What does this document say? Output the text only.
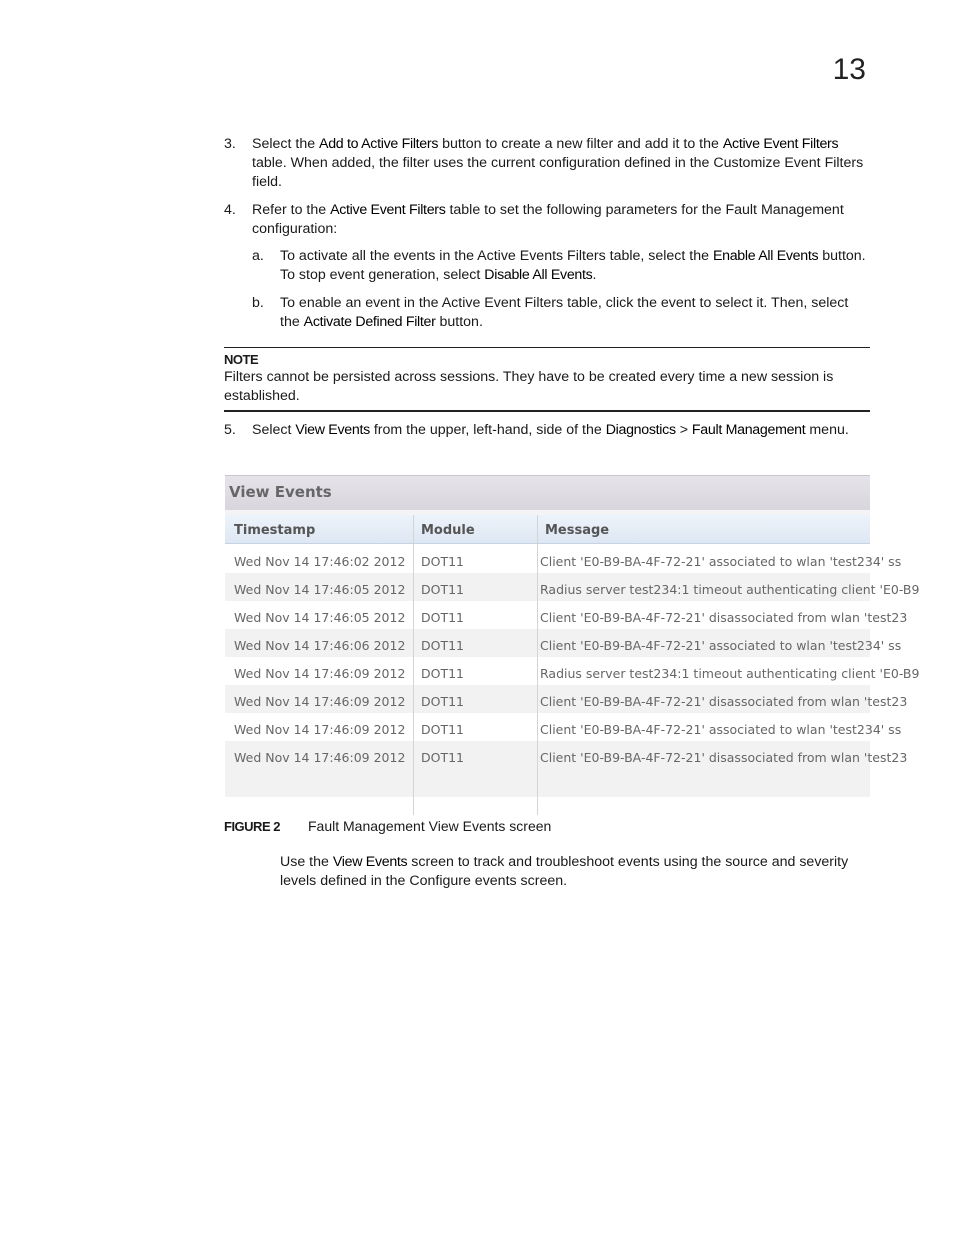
13
3. Select the Add to Active Filters button to create a new filter and add it to the Active Event Filters table. When added, the filter uses the current configuration defined in the Customize Event Filters field.
4. Refer to the Active Event Filters table to set the following parameters for the Fault Management configuration:
a. To activate all the events in the Active Events Filters table, select the Enable All Events button. To stop event generation, select Disable All Events.
b. To enable an event in the Active Event Filters table, click the event to select it. Then, select the Activate Defined Filter button.
NOTE
Filters cannot be persisted across sessions. They have to be created every time a new session is established.
5. Select View Events from the upper, left-hand, side of the Diagnostics > Fault Management menu.
View Events
Timestamp	Module	Message
Wed Nov 14 17:46:02 2012 DOT11	Client 'E0-B9-BA-4F-72-21' associated to wlan 'test234' ss
Wed Nov 14 17:46:05 2012 DOT11	Radius server test234:1 timeout authenticating client 'E0-B9
Wed Nov 14 17:46:05 2012 DOT11	Client 'E0-B9-BA-4F-72-21' disassociated from wlan 'test23
Wed Nov 14 17:46:06 2012 DOT11	Client 'E0-B9-BA-4F-72-21' associated to wlan 'test234' ss
Wed Nov 14 17:46:09 2012 DOT11	Radius server test234:1 timeout authenticating client 'E0-B9
Wed Nov 14 17:46:09 2012 DOT11	Client 'E0-B9-BA-4F-72-21' disassociated from wlan 'test23
Wed Nov 14 17:46:09 2012 DOT11	Client 'E0-B9-BA-4F-72-21' associated to wlan 'test234' ss
Wed Nov 14 17:46:09 2012 DOT11	Client 'E0-B9-BA-4F-72-21' disassociated from wlan 'test23
FIGURE 2 Fault Management View Events screen
Use the View Events screen to track and troubleshoot events using the source and severity levels defined in the Configure events screen.
